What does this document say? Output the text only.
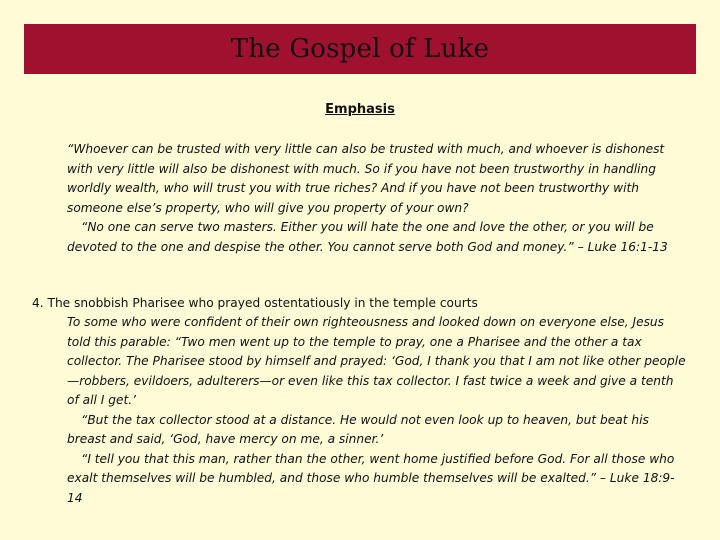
The Gospel of Luke
Emphasis

“Whoever can be trusted with very little can also be trusted with much, and whoever is dishonest with very little will also be dishonest with much. So if you have not been trustworthy in handling worldly wealth, who will trust you with true riches? And if you have not been trustworthy with someone else’s property, who will give you property of your own?

“No one can serve two masters. Either you will hate the one and love the other, or you will be devoted to the one and despise the other. You cannot serve both God and money.” – Luke 16:1-13

4. The snobbish Pharisee who prayed ostentatiously in the temple courts

To some who were confident of their own righteousness and looked down on everyone else, Jesus told this parable: “Two men went up to the temple to pray, one a Pharisee and the other a tax collector. The Pharisee stood by himself and prayed: ‘God, I thank you that I am not like other people—robbers, evildoers, adulterers—or even like this tax collector. I fast twice a week and give a tenth of all I get.’

“But the tax collector stood at a distance. He would not even look up to heaven, but beat his breast and said, ‘God, have mercy on me, a sinner.’

“I tell you that this man, rather than the other, went home justified before God. For all those who exalt themselves will be humbled, and those who humble themselves will be exalted.” – Luke 18:9-14
